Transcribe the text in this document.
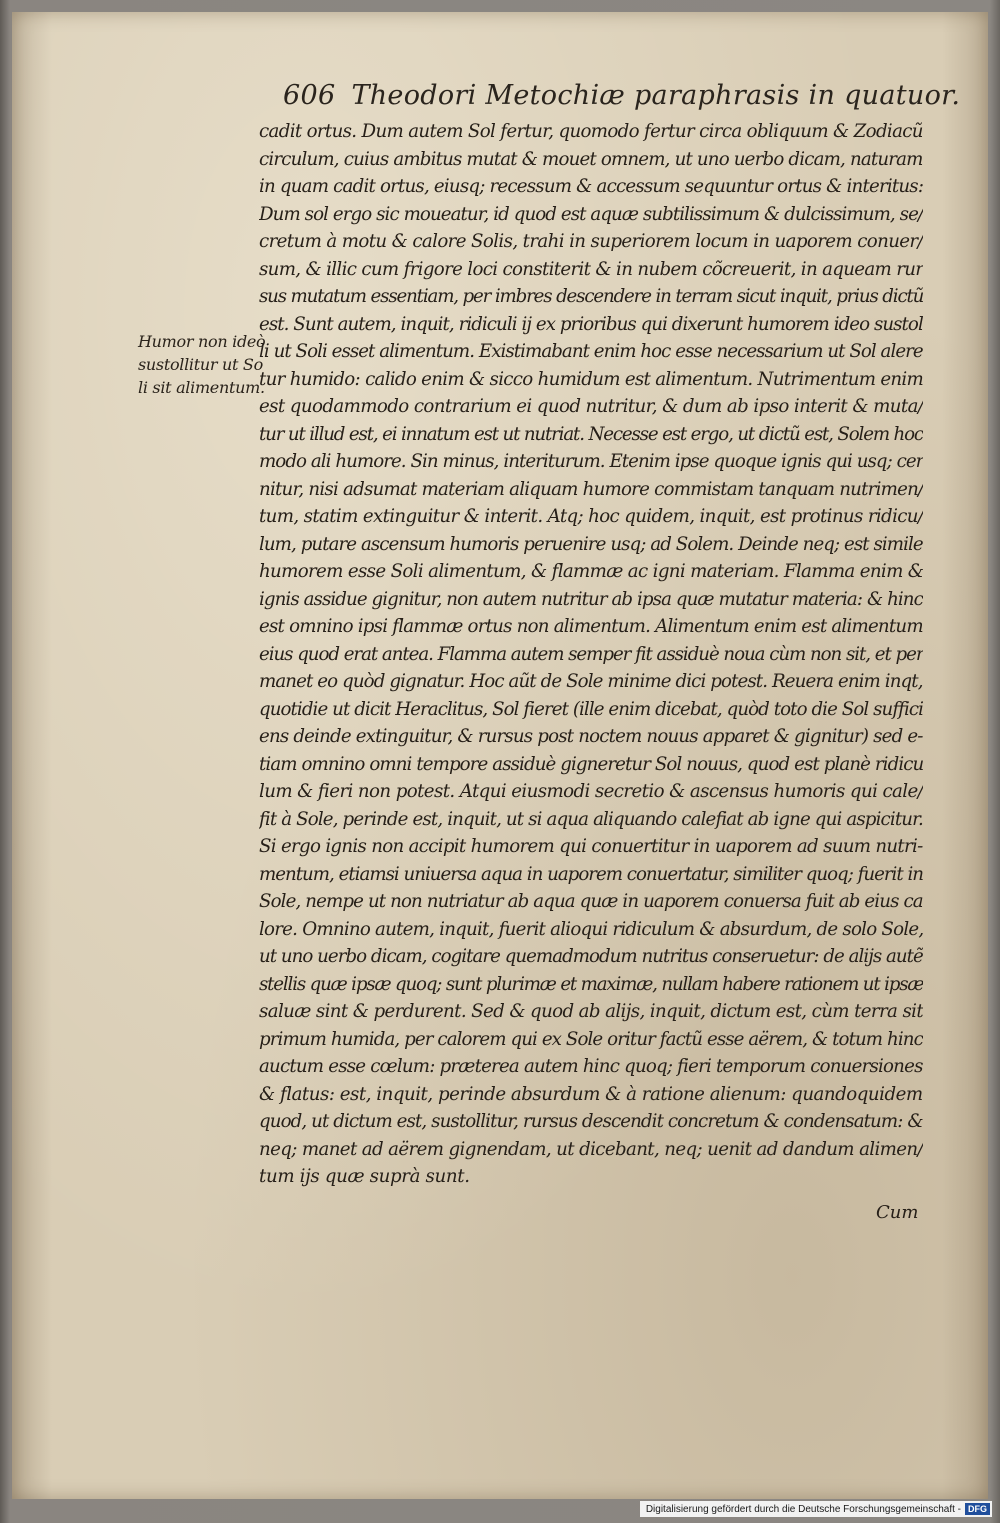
606 Theodori Metochiæ paraphrasis in quatuor.
Humor non ideò
sustollitur ut So
li sit alimentum.
cadit ortus. Dum autem Sol fertur, quomodo fertur circa obliquum & Zodiacũ
circulum, cuius ambitus mutat & mouet omnem, ut uno uerbo dicam, naturam
in quam cadit ortus, eiusq; recessum & accessum sequuntur ortus & interitus:
Dum sol ergo sic moueatur, id quod est aquæ subtilissimum & dulcissimum, se/
cretum à motu & calore Solis, trahi in superiorem locum in uaporem conuer/
sum, & illic cum frigore loci constiterit & in nubem cõcreuerit, in aqueam rur
sus mutatum essentiam, per imbres descendere in terram sicut inquit, prius dictũ
est. Sunt autem, inquit, ridiculi ij ex prioribus qui dixerunt humorem ideo sustol
li ut Soli esset alimentum. Existimabant enim hoc esse necessarium ut Sol alere
tur humido: calido enim & sicco humidum est alimentum. Nutrimentum enim
est quodammodo contrarium ei quod nutritur, & dum ab ipso interit & muta/
tur ut illud est, ei innatum est ut nutriat. Necesse est ergo, ut dictũ est, Solem hoc
modo ali humore. Sin minus, interiturum. Etenim ipse quoque ignis qui usq; cer
nitur, nisi adsumat materiam aliquam humore commistam tanquam nutrimen/
tum, statim extinguitur & interit. Atq; hoc quidem, inquit, est protinus ridicu/
lum, putare ascensum humoris peruenire usq; ad Solem. Deinde neq; est simile
humorem esse Soli alimentum, & flammæ ac igni materiam. Flamma enim &
ignis assidue gignitur, non autem nutritur ab ipsa quæ mutatur materia: & hinc
est omnino ipsi flammæ ortus non alimentum. Alimentum enim est alimentum
eius quod erat antea. Flamma autem semper fit assiduè noua cùm non sit, et per
manet eo quòd gignatur. Hoc aũt de Sole minime dici potest. Reuera enim inqt,
quotidie ut dicit Heraclitus, Sol fieret (ille enim dicebat, quòd toto die Sol suffici
ens deinde extinguitur, & rursus post noctem nouus apparet & gignitur) sed e-
tiam omnino omni tempore assiduè gigneretur Sol nouus, quod est planè ridicu
lum & fieri non potest. Atqui eiusmodi secretio & ascensus humoris qui cale/
fit à Sole, perinde est, inquit, ut si aqua aliquando calefiat ab igne qui aspicitur.
Si ergo ignis non accipit humorem qui conuertitur in uaporem ad suum nutri-
mentum, etiamsi uniuersa aqua in uaporem conuertatur, similiter quoq; fuerit in
Sole, nempe ut non nutriatur ab aqua quæ in uaporem conuersa fuit ab eius ca
lore. Omnino autem, inquit, fuerit alioqui ridiculum & absurdum, de solo Sole,
ut uno uerbo dicam, cogitare quemadmodum nutritus conseruetur: de alijs autẽ
stellis quæ ipsæ quoq; sunt plurimæ et maximæ, nullam habere rationem ut ipsæ
saluæ sint & perdurent. Sed & quod ab alijs, inquit, dictum est, cùm terra sit
primum humida, per calorem qui ex Sole oritur factũ esse aërem, & totum hinc
auctum esse cœlum: præterea autem hinc quoq; fieri temporum conuersiones
& flatus: est, inquit, perinde absurdum & à ratione alienum: quandoquidem
quod, ut dictum est, sustollitur, rursus descendit concretum & condensatum: &
neq; manet ad aërem gignendam, ut dicebant, neq; uenit ad dandum alimen/
tum ijs quæ suprà sunt.
Cum
Digitalisierung gefördert durch die Deutsche Forschungsgemeinschaft - DFG
